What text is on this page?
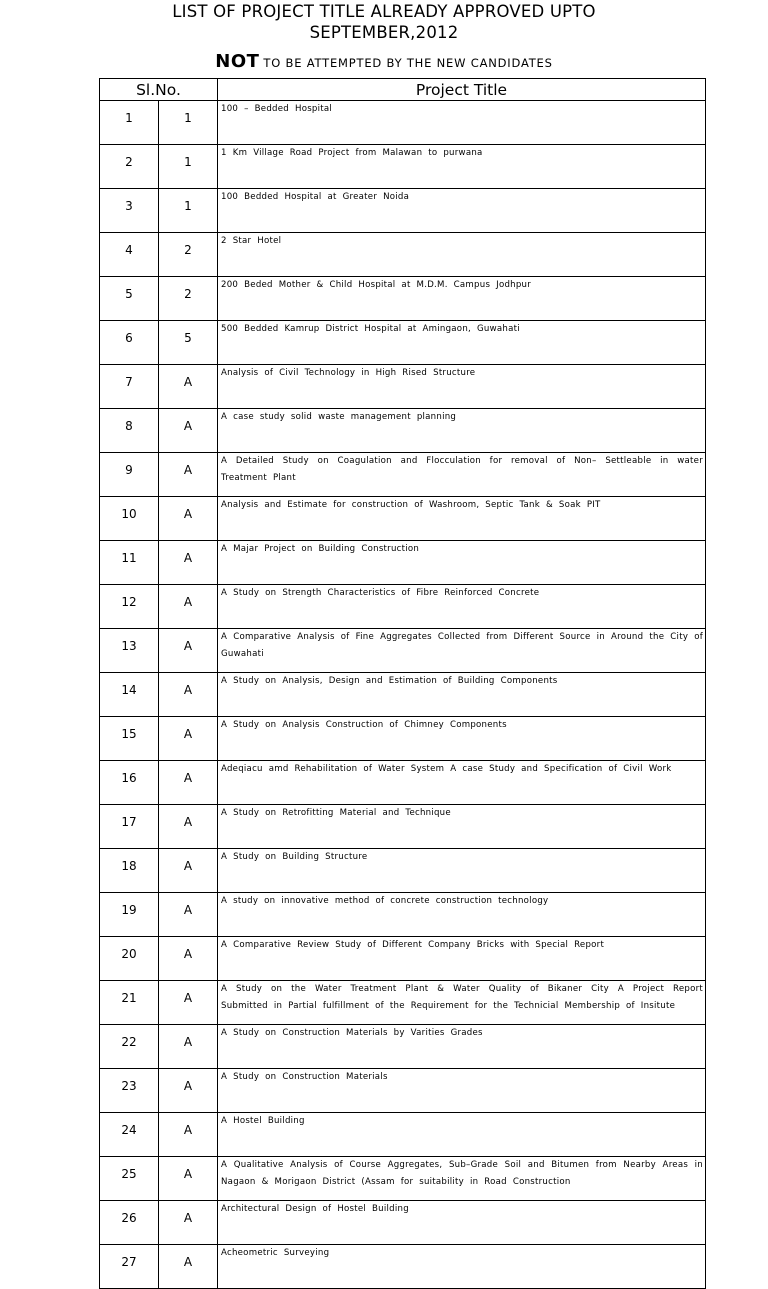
LIST OF PROJECT TITLE ALREADY APPROVED UPTO
SEPTEMBER,2012
NOT TO BE ATTEMPTED BY THE NEW CANDIDATES
Sl.No.		Project Title
1	1	100 – Bedded Hospital
2	1	1 Km Village Road Project from Malawan to purwana
3	1	100 Bedded Hospital at Greater Noida
4	2	2 Star Hotel
5	2	200 Beded Mother & Child Hospital at M.D.M. Campus Jodhpur
6	5	500 Bedded Kamrup District Hospital at Amingaon, Guwahati
7	A	Analysis of Civil Technology in High Rised Structure
8	A	A case study solid waste management planning
9	A	A Detailed Study on Coagulation and Flocculation for removal of Non– Settleable in water Treatment Plant
10	A	Analysis and Estimate for construction of Washroom, Septic Tank & Soak PIT
11	A	A Majar Project on Building Construction
12	A	A Study on Strength Characteristics of Fibre Reinforced Concrete
13	A	A Comparative Analysis of Fine Aggregates Collected from Different Source in Around the City of Guwahati
14	A	A Study on Analysis, Design and Estimation of Building Components
15	A	A Study on Analysis Construction of Chimney Components
16	A	Adeqiacu amd Rehabilitation of Water System A case Study and Specification of Civil Work
17	A	A Study on Retrofitting Material and Technique
18	A	A Study on Building Structure
19	A	A study on innovative method of concrete construction technology
20	A	A Comparative Review Study of Different Company Bricks with Special Report
21	A	A Study on the Water Treatment Plant & Water Quality of Bikaner City A Project Report Submitted in Partial fulfillment of the Requirement for the Technicial Membership of Insitute
22	A	A Study on Construction Materials by Varities Grades
23	A	A Study on Construction Materials
24	A	A Hostel Building
25	A	A Qualitative Analysis of Course Aggregates, Sub–Grade Soil and Bitumen from Nearby Areas in Nagaon & Morigaon District (Assam for suitability in Road Construction
26	A	Architectural Design of Hostel Building
27	A	Acheometric Surveying
